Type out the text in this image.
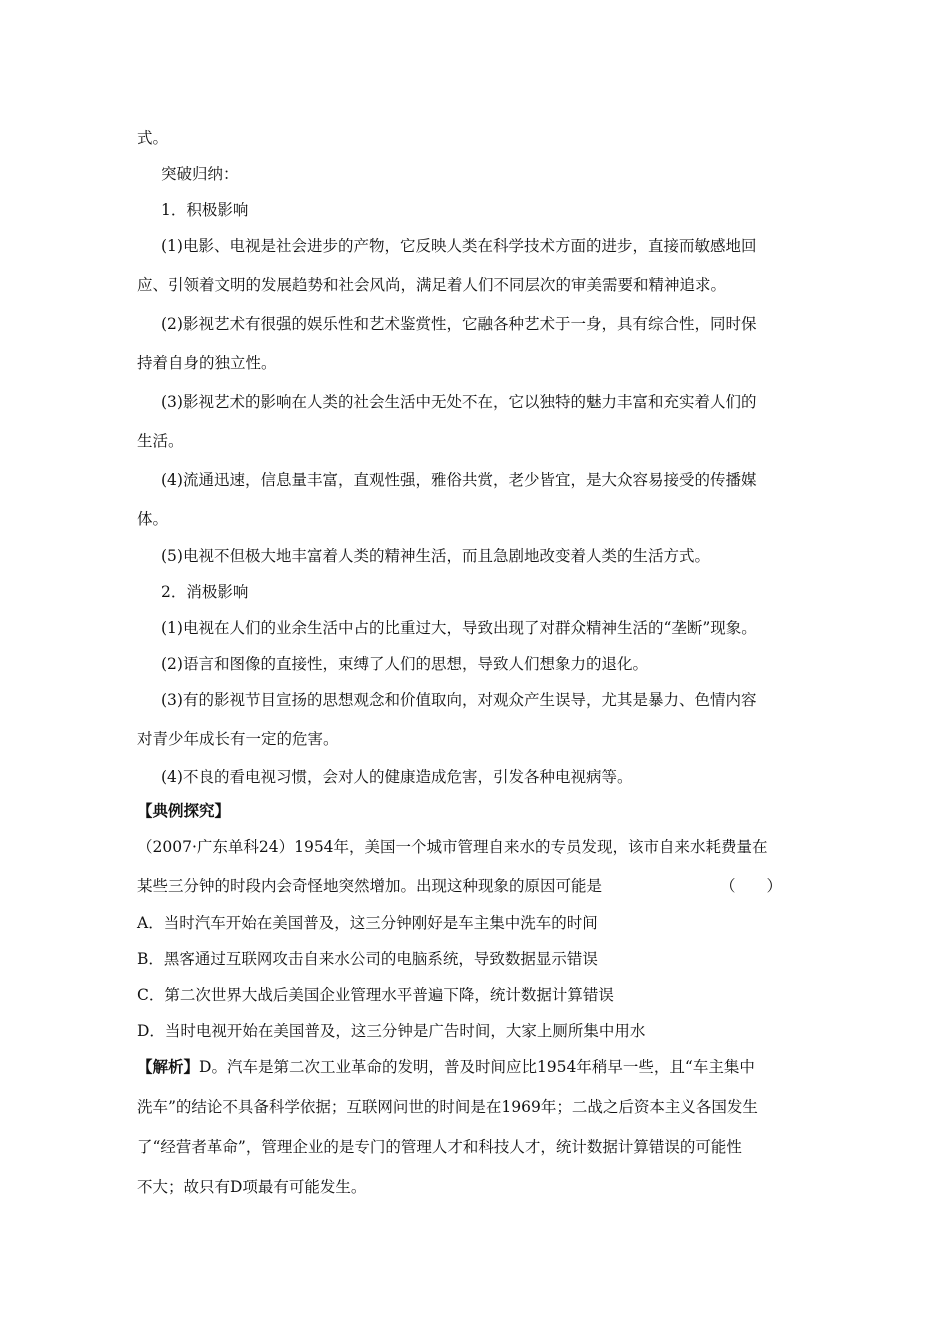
式。
突破归纳：
1．积极影响
(1)电影、电视是社会进步的产物，它反映人类在科学技术方面的进步，直接而敏感地回
应、引领着文明的发展趋势和社会风尚，满足着人们不同层次的审美需要和精神追求。
(2)影视艺术有很强的娱乐性和艺术鉴赏性，它融各种艺术于一身，具有综合性，同时保
持着自身的独立性。
(3)影视艺术的影响在人类的社会生活中无处不在，它以独特的魅力丰富和充实着人们的
生活。
(4)流通迅速，信息量丰富，直观性强，雅俗共赏，老少皆宜，是大众容易接受的传播媒
体。
(5)电视不但极大地丰富着人类的精神生活，而且急剧地改变着人类的生活方式。
2．消极影响
(1)电视在人们的业余生活中占的比重过大，导致出现了对群众精神生活的“垄断”现象。
(2)语言和图像的直接性，束缚了人们的思想，导致人们想象力的退化。
(3)有的影视节目宣扬的思想观念和价值取向，对观众产生误导，尤其是暴力、色情内容
对青少年成长有一定的危害。
(4)不良的看电视习惯，会对人的健康造成危害，引发各种电视病等。
【典例探究】
（2007·广东单科24）1954年，美国一个城市管理自来水的专员发现，该市自来水耗费量在
某些三分钟的时段内会奇怪地突然增加。出现这种现象的原因可能是	（　　）
A．当时汽车开始在美国普及，这三分钟刚好是车主集中洗车的时间
B．黑客通过互联网攻击自来水公司的电脑系统，导致数据显示错误
C．第二次世界大战后美国企业管理水平普遍下降，统计数据计算错误
D．当时电视开始在美国普及，这三分钟是广告时间，大家上厕所集中用水
【解析】D。汽车是第二次工业革命的发明，普及时间应比1954年稍早一些，且“车主集中
洗车”的结论不具备科学依据；互联网问世的时间是在1969年；二战之后资本主义各国发生
了“经营者革命”，管理企业的是专门的管理人才和科技人才，统计数据计算错误的可能性
不大；故只有D项最有可能发生。
